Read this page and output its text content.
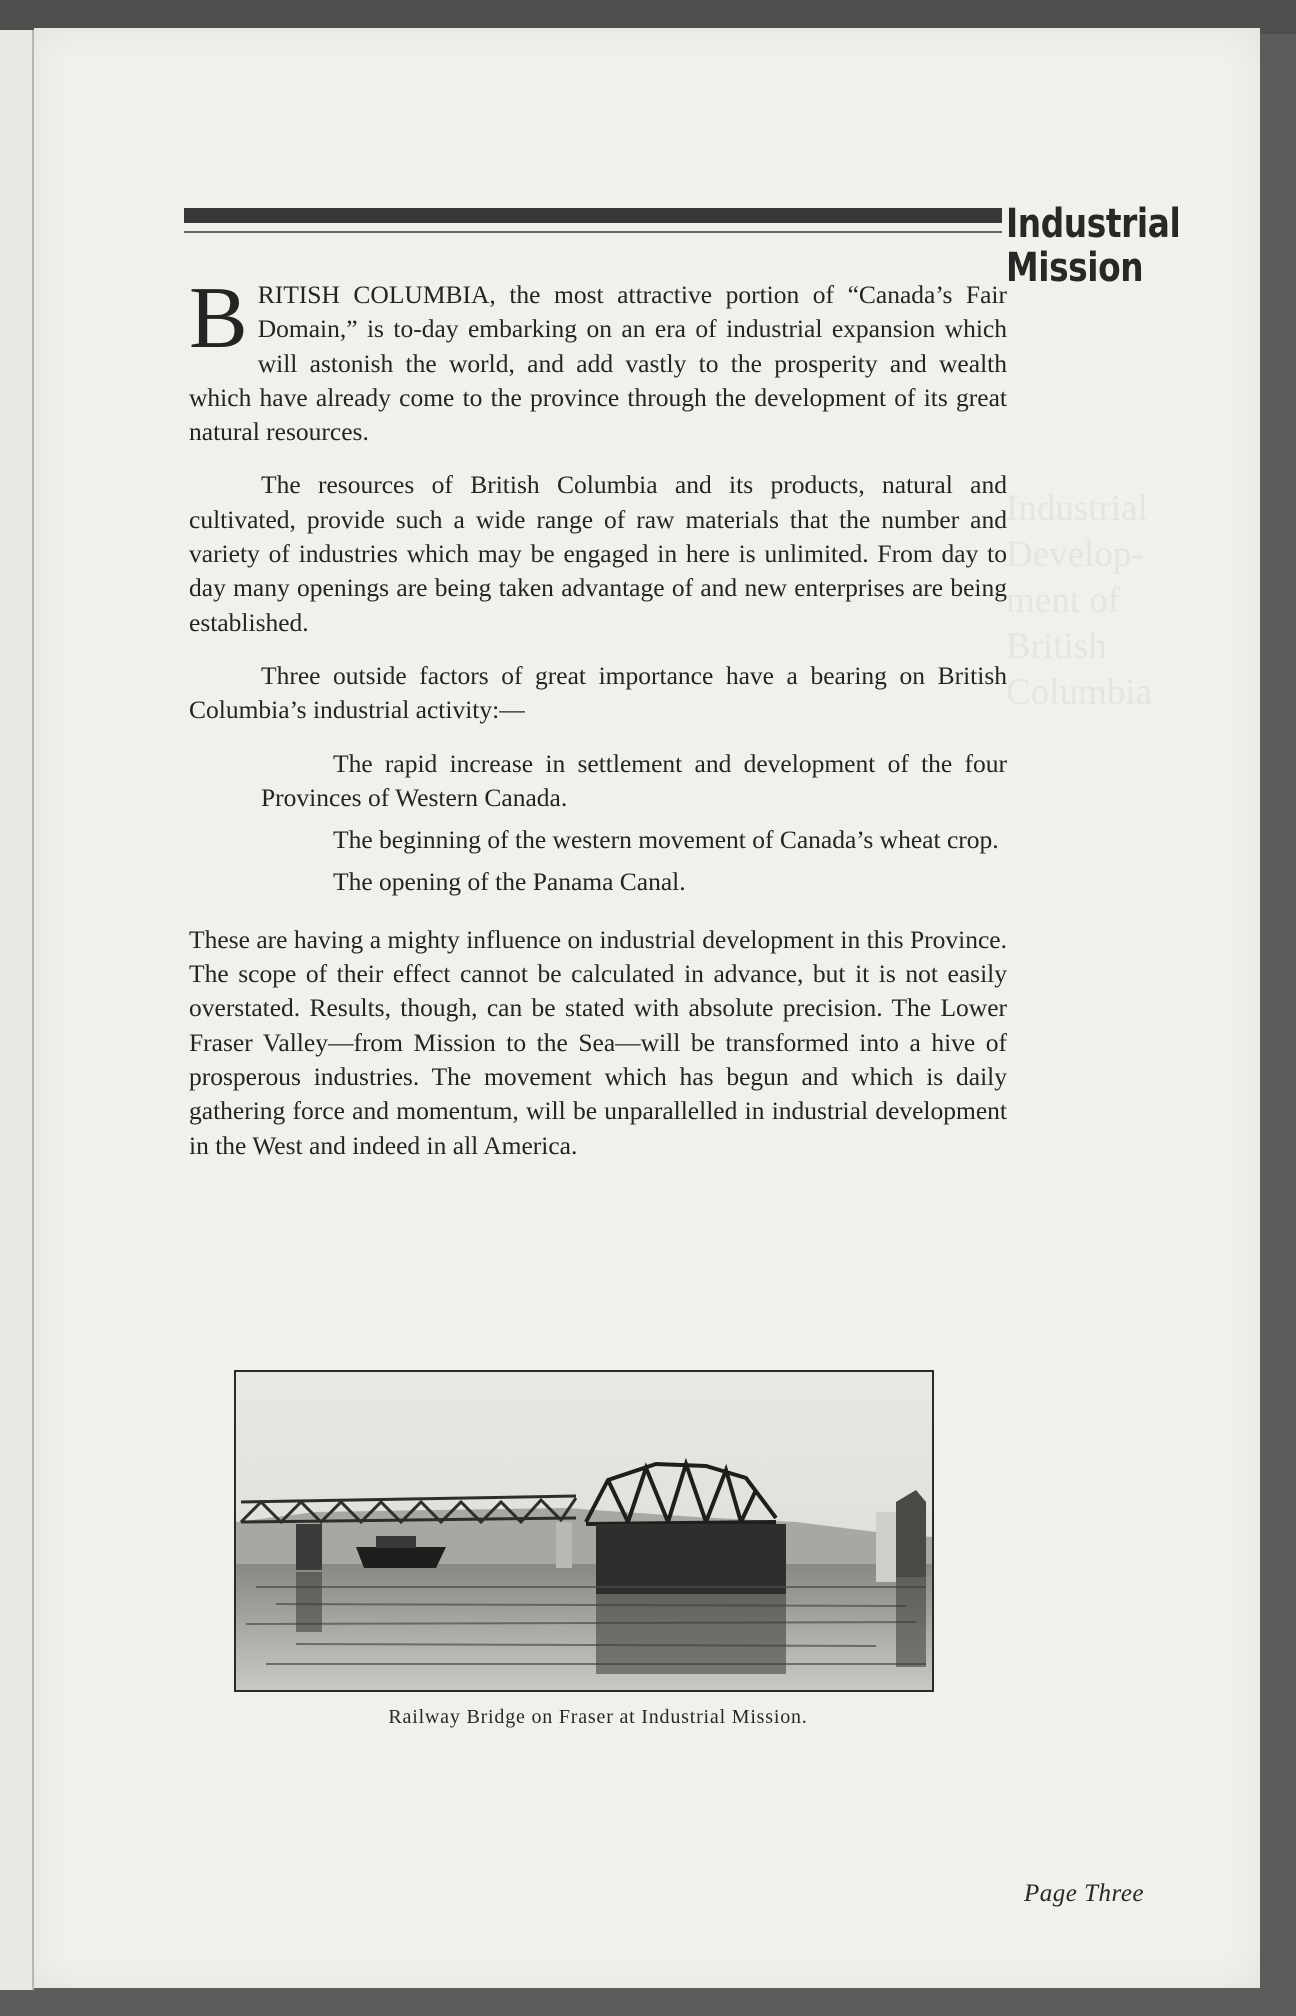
Industrial
Mission

Industrial
Develop-
ment of
British
Columbia

BRITISH COLUMBIA, the most attractive portion of “Canada’s Fair Domain,” is to-day embarking on an era of industrial expansion which will astonish the world, and add vastly to the prosperity and wealth which have already come to the province through the development of its great natural resources.

The resources of British Columbia and its products, natural and cultivated, provide such a wide range of raw materials that the number and variety of industries which may be engaged in here is unlimited. From day to day many openings are being taken advantage of and new enterprises are being established.

Three outside factors of great importance have a bearing on British Columbia’s industrial activity:—

The rapid increase in settlement and development of the four Provinces of Western Canada.

The beginning of the western movement of Canada’s wheat crop.

The opening of the Panama Canal.

These are having a mighty influence on industrial development in this Province. The scope of their effect cannot be calculated in advance, but it is not easily overstated. Results, though, can be stated with absolute precision. The Lower Fraser Valley—from Mission to the Sea—will be transformed into a hive of prosperous industries. The movement which has begun and which is daily gathering force and momentum, will be unparallelled in industrial development in the West and indeed in all America.

Railway Bridge on Fraser at Industrial Mission.
Page Three
